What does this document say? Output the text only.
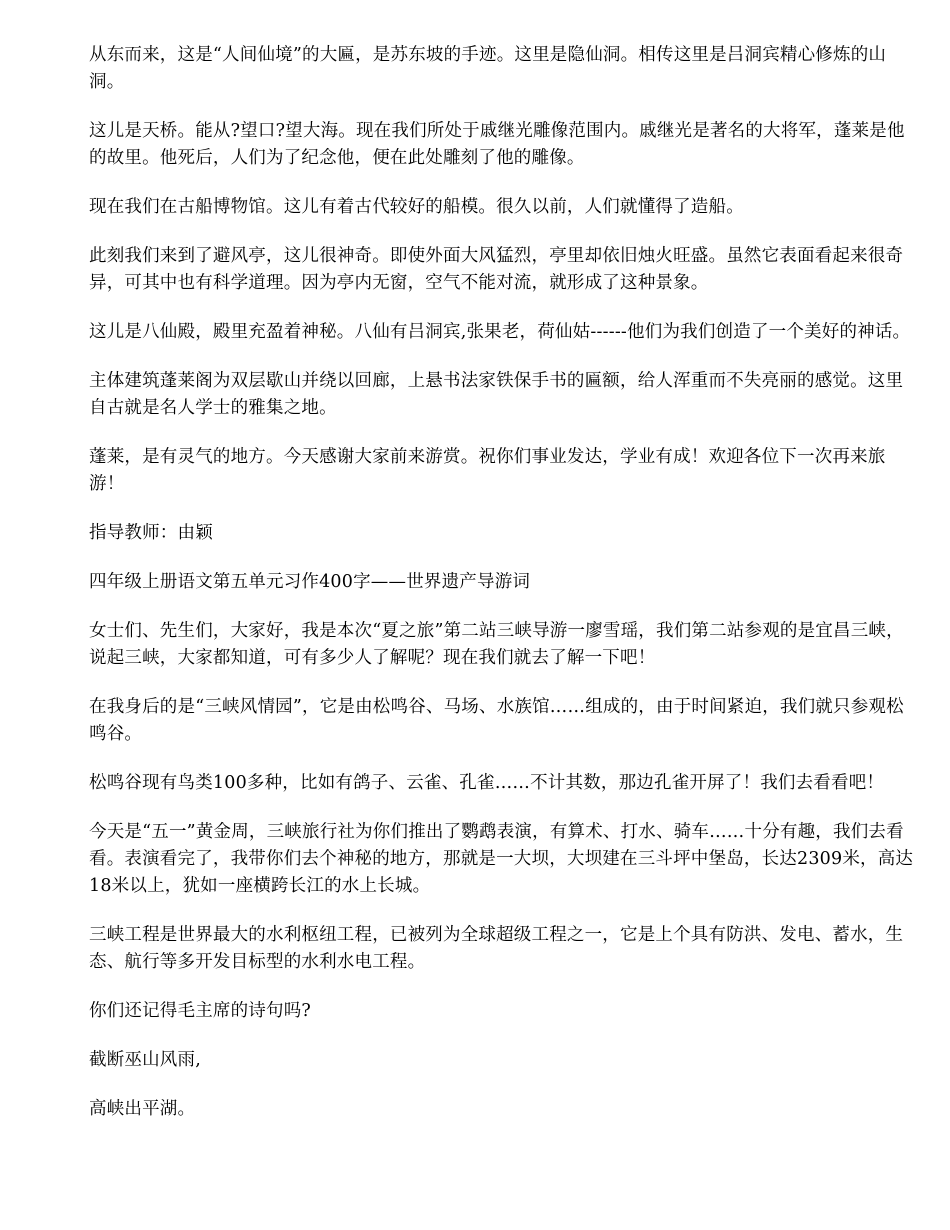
从东而来，这是“人间仙境”的大匾，是苏东坡的手迹。这里是隐仙洞。相传这里是吕洞宾精心修炼的山洞。

这儿是天桥。能从?望口?望大海。现在我们所处于戚继光雕像范围内。戚继光是著名的大将军，蓬莱是他的故里。他死后，人们为了纪念他，便在此处雕刻了他的雕像。

现在我们在古船博物馆。这儿有着古代较好的船模。很久以前，人们就懂得了造船。

此刻我们来到了避风亭，这儿很神奇。即使外面大风猛烈，亭里却依旧烛火旺盛。虽然它表面看起来很奇异，可其中也有科学道理。因为亭内无窗，空气不能对流，就形成了这种景象。

这儿是八仙殿，殿里充盈着神秘。八仙有吕洞宾,张果老，荷仙姑------他们为我们创造了一个美好的神话。

主体建筑蓬莱阁为双层歇山并绕以回廊，上悬书法家铁保手书的匾额，给人浑重而不失亮丽的感觉。这里自古就是名人学士的雅集之地。

蓬莱，是有灵气的地方。今天感谢大家前来游赏。祝你们事业发达，学业有成！欢迎各位下一次再来旅游！

指导教师：由颖

四年级上册语文第五单元习作400字——世界遗产导游词

女士们、先生们，大家好，我是本次“夏之旅”第二站三峡导游一廖雪瑶，我们第二站参观的是宜昌三峡，说起三峡，大家都知道，可有多少人了解呢？现在我们就去了解一下吧！

在我身后的是“三峡风情园”，它是由松鸣谷、马场、水族馆……组成的，由于时间紧迫，我们就只参观松鸣谷。

松鸣谷现有鸟类100多种，比如有鸽子、云雀、孔雀……不计其数，那边孔雀开屏了！我们去看看吧！

今天是“五一”黄金周，三峡旅行社为你们推出了鹦鹉表演，有算术、打水、骑车……十分有趣，我们去看看。表演看完了，我带你们去个神秘的地方，那就是一大坝，大坝建在三斗坪中堡岛，长达2309米，高达18米以上，犹如一座横跨长江的水上长城。

三峡工程是世界最大的水利枢纽工程，已被列为全球超级工程之一，它是上个具有防洪、发电、蓄水，生态、航行等多开发目标型的水利水电工程。

你们还记得毛主席的诗句吗?

截断巫山风雨,

高峡出平湖。
